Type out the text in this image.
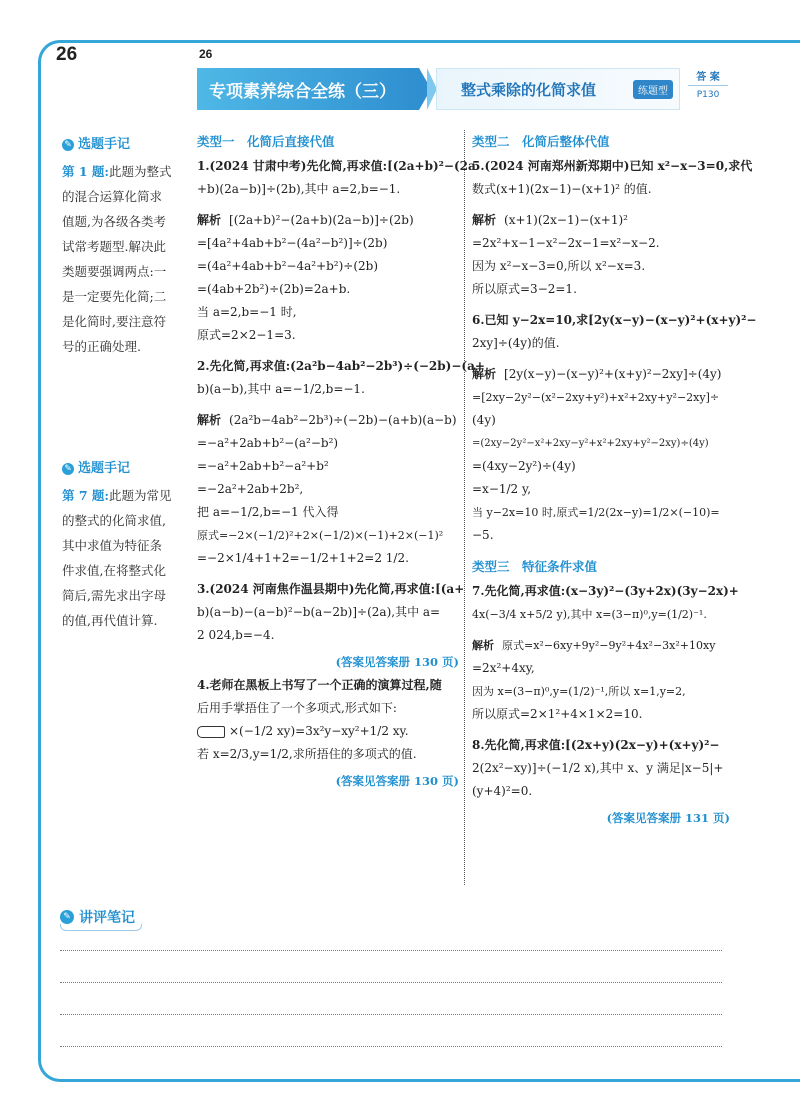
26	26
专项素养综合全练（三）	整式乘除的化简求值	练题型
答 案
P130
✎ 选题手记
第 1 题:此题为整式
的混合运算化简求
值题,为各级各类考
试常考题型.解决此
类题要强调两点:一
是一定要先化简;二
是化简时,要注意符
号的正确处理.
✎ 选题手记
第 7 题:此题为常见
的整式的化简求值,
其中求值为特征条
件求值,在将整式化
简后,需先求出字母
的值,再代值计算.
类型一　化简后直接代值
1.(2024 甘肃中考)先化简,再求值:[(2a+b)²−(2a
+b)(2a−b)]÷(2b),其中 a=2,b=−1.
解析 [(2a+b)²−(2a+b)(2a−b)]÷(2b)
=[4a²+4ab+b²−(4a²−b²)]÷(2b)
=(4a²+4ab+b²−4a²+b²)÷(2b)
=(4ab+2b²)÷(2b)=2a+b.
当 a=2,b=−1 时,
原式=2×2−1=3.
2.先化简,再求值:(2a²b−4ab²−2b³)÷(−2b)−(a+
b)(a−b),其中 a=−1/2,b=−1.
解析 (2a²b−4ab²−2b³)÷(−2b)−(a+b)(a−b)
=−a²+2ab+b²−(a²−b²)
=−a²+2ab+b²−a²+b²
=−2a²+2ab+2b²,
把 a=−1/2,b=−1 代入得
原式=−2×(−1/2)²+2×(−1/2)×(−1)+2×(−1)²
=−2×1/4+1+2=−1/2+1+2=2 1/2.
3.(2024 河南焦作温县期中)先化简,再求值:[(a+
b)(a−b)−(a−b)²−b(a−2b)]÷(2a),其中 a=
2 024,b=−4.
(答案见答案册 130 页)
4.老师在黑板上书写了一个正确的演算过程,随
后用手掌捂住了一个多项式,形式如下:
×(−1/2 xy)=3x²y−xy²+1/2 xy.
若 x=2/3,y=1/2,求所捂住的多项式的值.
(答案见答案册 130 页)
类型二　化简后整体代值
5.(2024 河南郑州新郑期中)已知 x²−x−3=0,求代
数式(x+1)(2x−1)−(x+1)² 的值.
解析 (x+1)(2x−1)−(x+1)²
=2x²+x−1−x²−2x−1=x²−x−2.
因为 x²−x−3=0,所以 x²−x=3.
所以原式=3−2=1.
6.已知 y−2x=10,求[2y(x−y)−(x−y)²+(x+y)²−
2xy]÷(4y)的值.
解析 [2y(x−y)−(x−y)²+(x+y)²−2xy]÷(4y)
=[2xy−2y²−(x²−2xy+y²)+x²+2xy+y²−2xy]÷
(4y)
=(2xy−2y²−x²+2xy−y²+x²+2xy+y²−2xy)÷(4y)
=(4xy−2y²)÷(4y)
=x−1/2 y,
当 y−2x=10 时,原式=1/2(2x−y)=1/2×(−10)=
−5.
类型三　特征条件求值
7.先化简,再求值:(x−3y)²−(3y+2x)(3y−2x)+
4x(−3/4 x+5/2 y),其中 x=(3−π)⁰,y=(1/2)⁻¹.
解析 原式=x²−6xy+9y²−9y²+4x²−3x²+10xy
=2x²+4xy,
因为 x=(3−π)⁰,y=(1/2)⁻¹,所以 x=1,y=2,
所以原式=2×1²+4×1×2=10.
8.先化简,再求值:[(2x+y)(2x−y)+(x+y)²−
2(2x²−xy)]÷(−1/2 x),其中 x、y 满足|x−5|+
(y+4)²=0.
(答案见答案册 131 页)
✎ 讲评笔记
